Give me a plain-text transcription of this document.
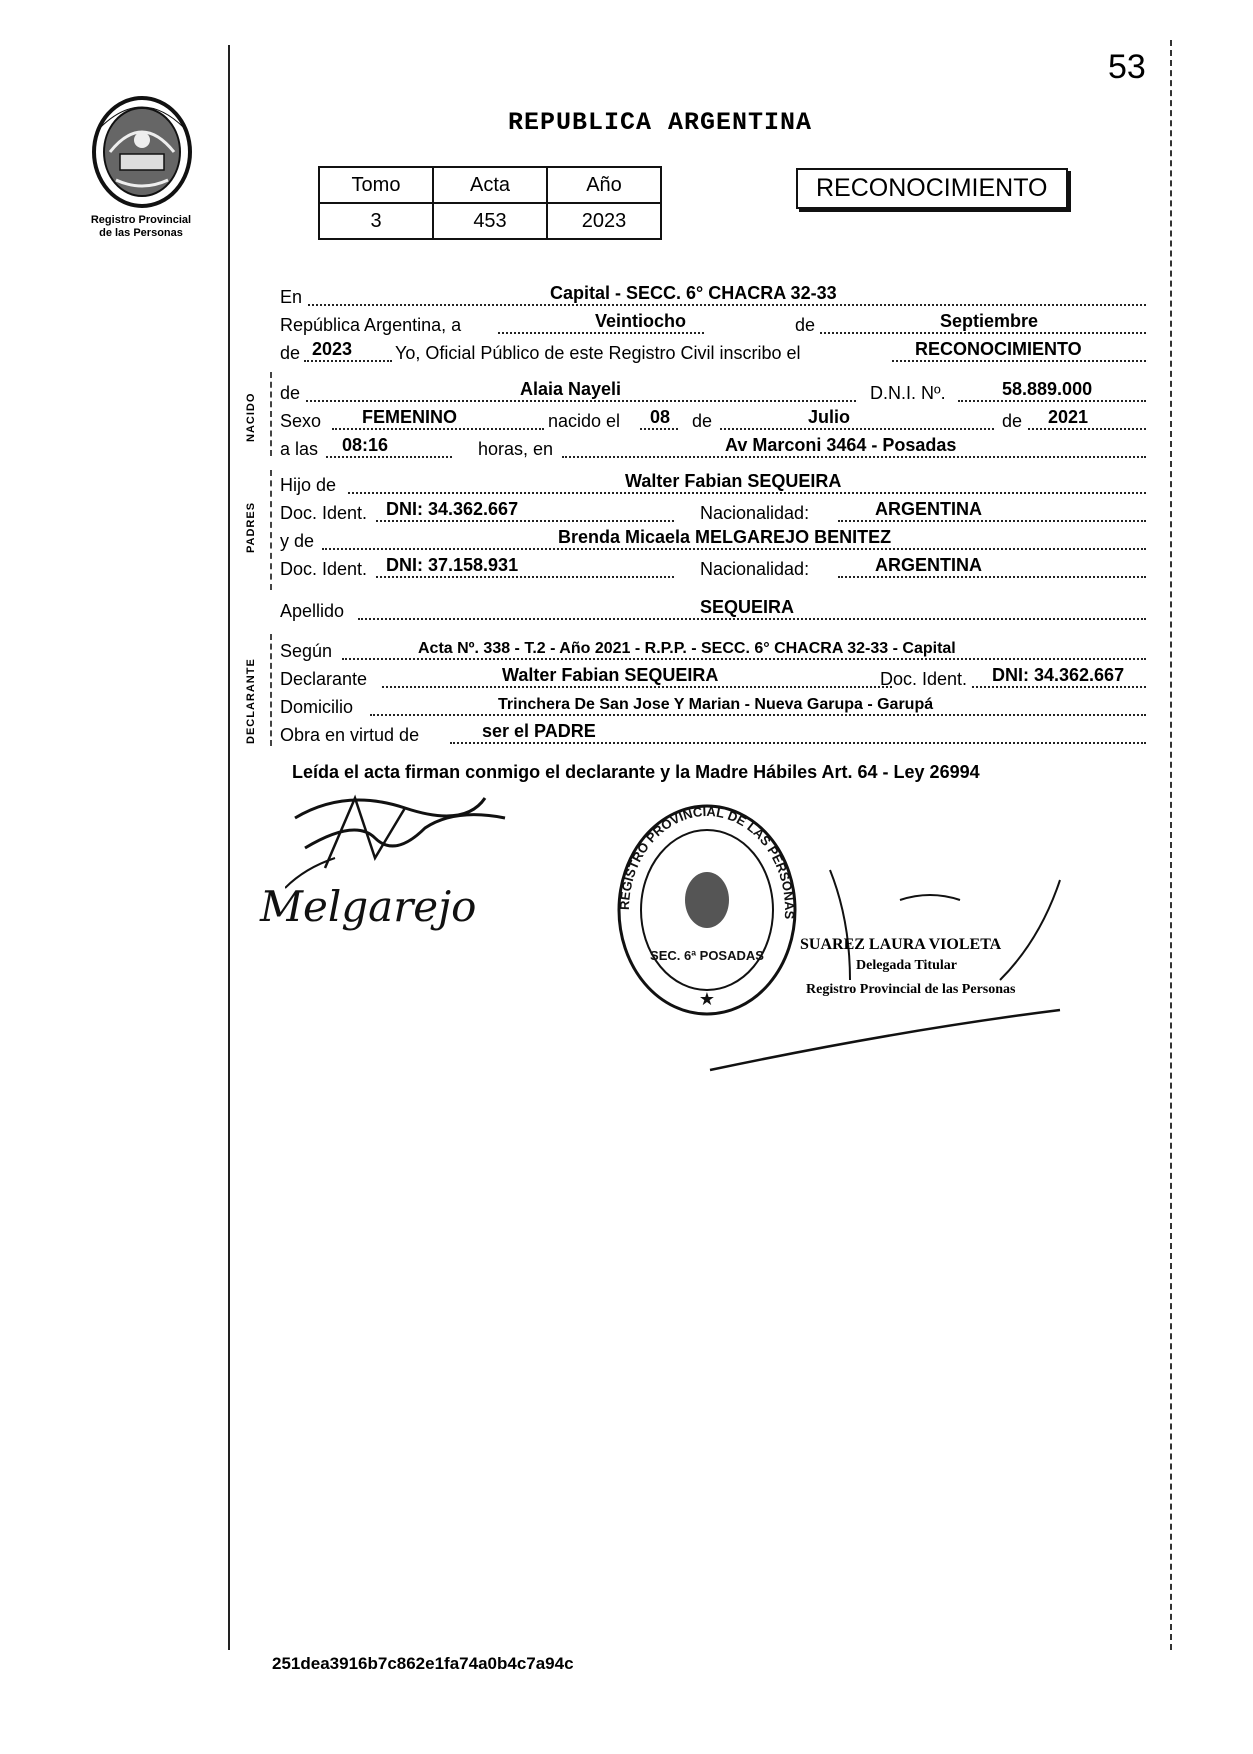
53
Registro Provincial
de las Personas
REPUBLICA ARGENTINA
Tomo	Acta	Año
3	453	2023
RECONOCIMIENTO
En	Capital - SECC. 6° CHACRA 32-33
República Argentina, a	Veintiocho	de	Septiembre
de 2023 Yo, Oficial Público de este Registro Civil inscribo el	RECONOCIMIENTO
NACIDO de	Alaia Nayeli	D.N.I. Nº.	58.889.000
Sexo FEMENINO	nacido el 08 de	Julio	de 2021
a las 08:16	horas, en	Av Marconi 3464 - Posadas
PADRES
Hijo de	Walter Fabian SEQUEIRA
Doc. Ident. DNI: 34.362.667	Nacionalidad:	ARGENTINA
y de	Brenda Micaela MELGAREJO BENITEZ
Doc. Ident. DNI: 37.158.931	Nacionalidad:	ARGENTINA
Apellido	SEQUEIRA
DECLARANTE
Según	Acta Nº. 338 - T.2 - Año 2021 - R.P.P. - SECC. 6° CHACRA 32-33 - Capital
Declarante	Walter Fabian SEQUEIRA	Doc. Ident. DNI: 34.362.667
Domicilio	Trinchera De San Jose Y Marian - Nueva Garupa - Garupá
Obra en virtud de	ser el PADRE
Leída el acta firman conmigo el declarante y la Madre Hábiles Art. 64 - Ley 26994
Melgarejo	REGISTRO PROVINCIAL DE LAS PERSONAS
SEC. 6ª POSADAS
★
SUAREZ LAURA VIOLETA
Delegada Titular
Registro Provincial de las Personas
251dea3916b7c862e1fa74a0b4c7a94c
